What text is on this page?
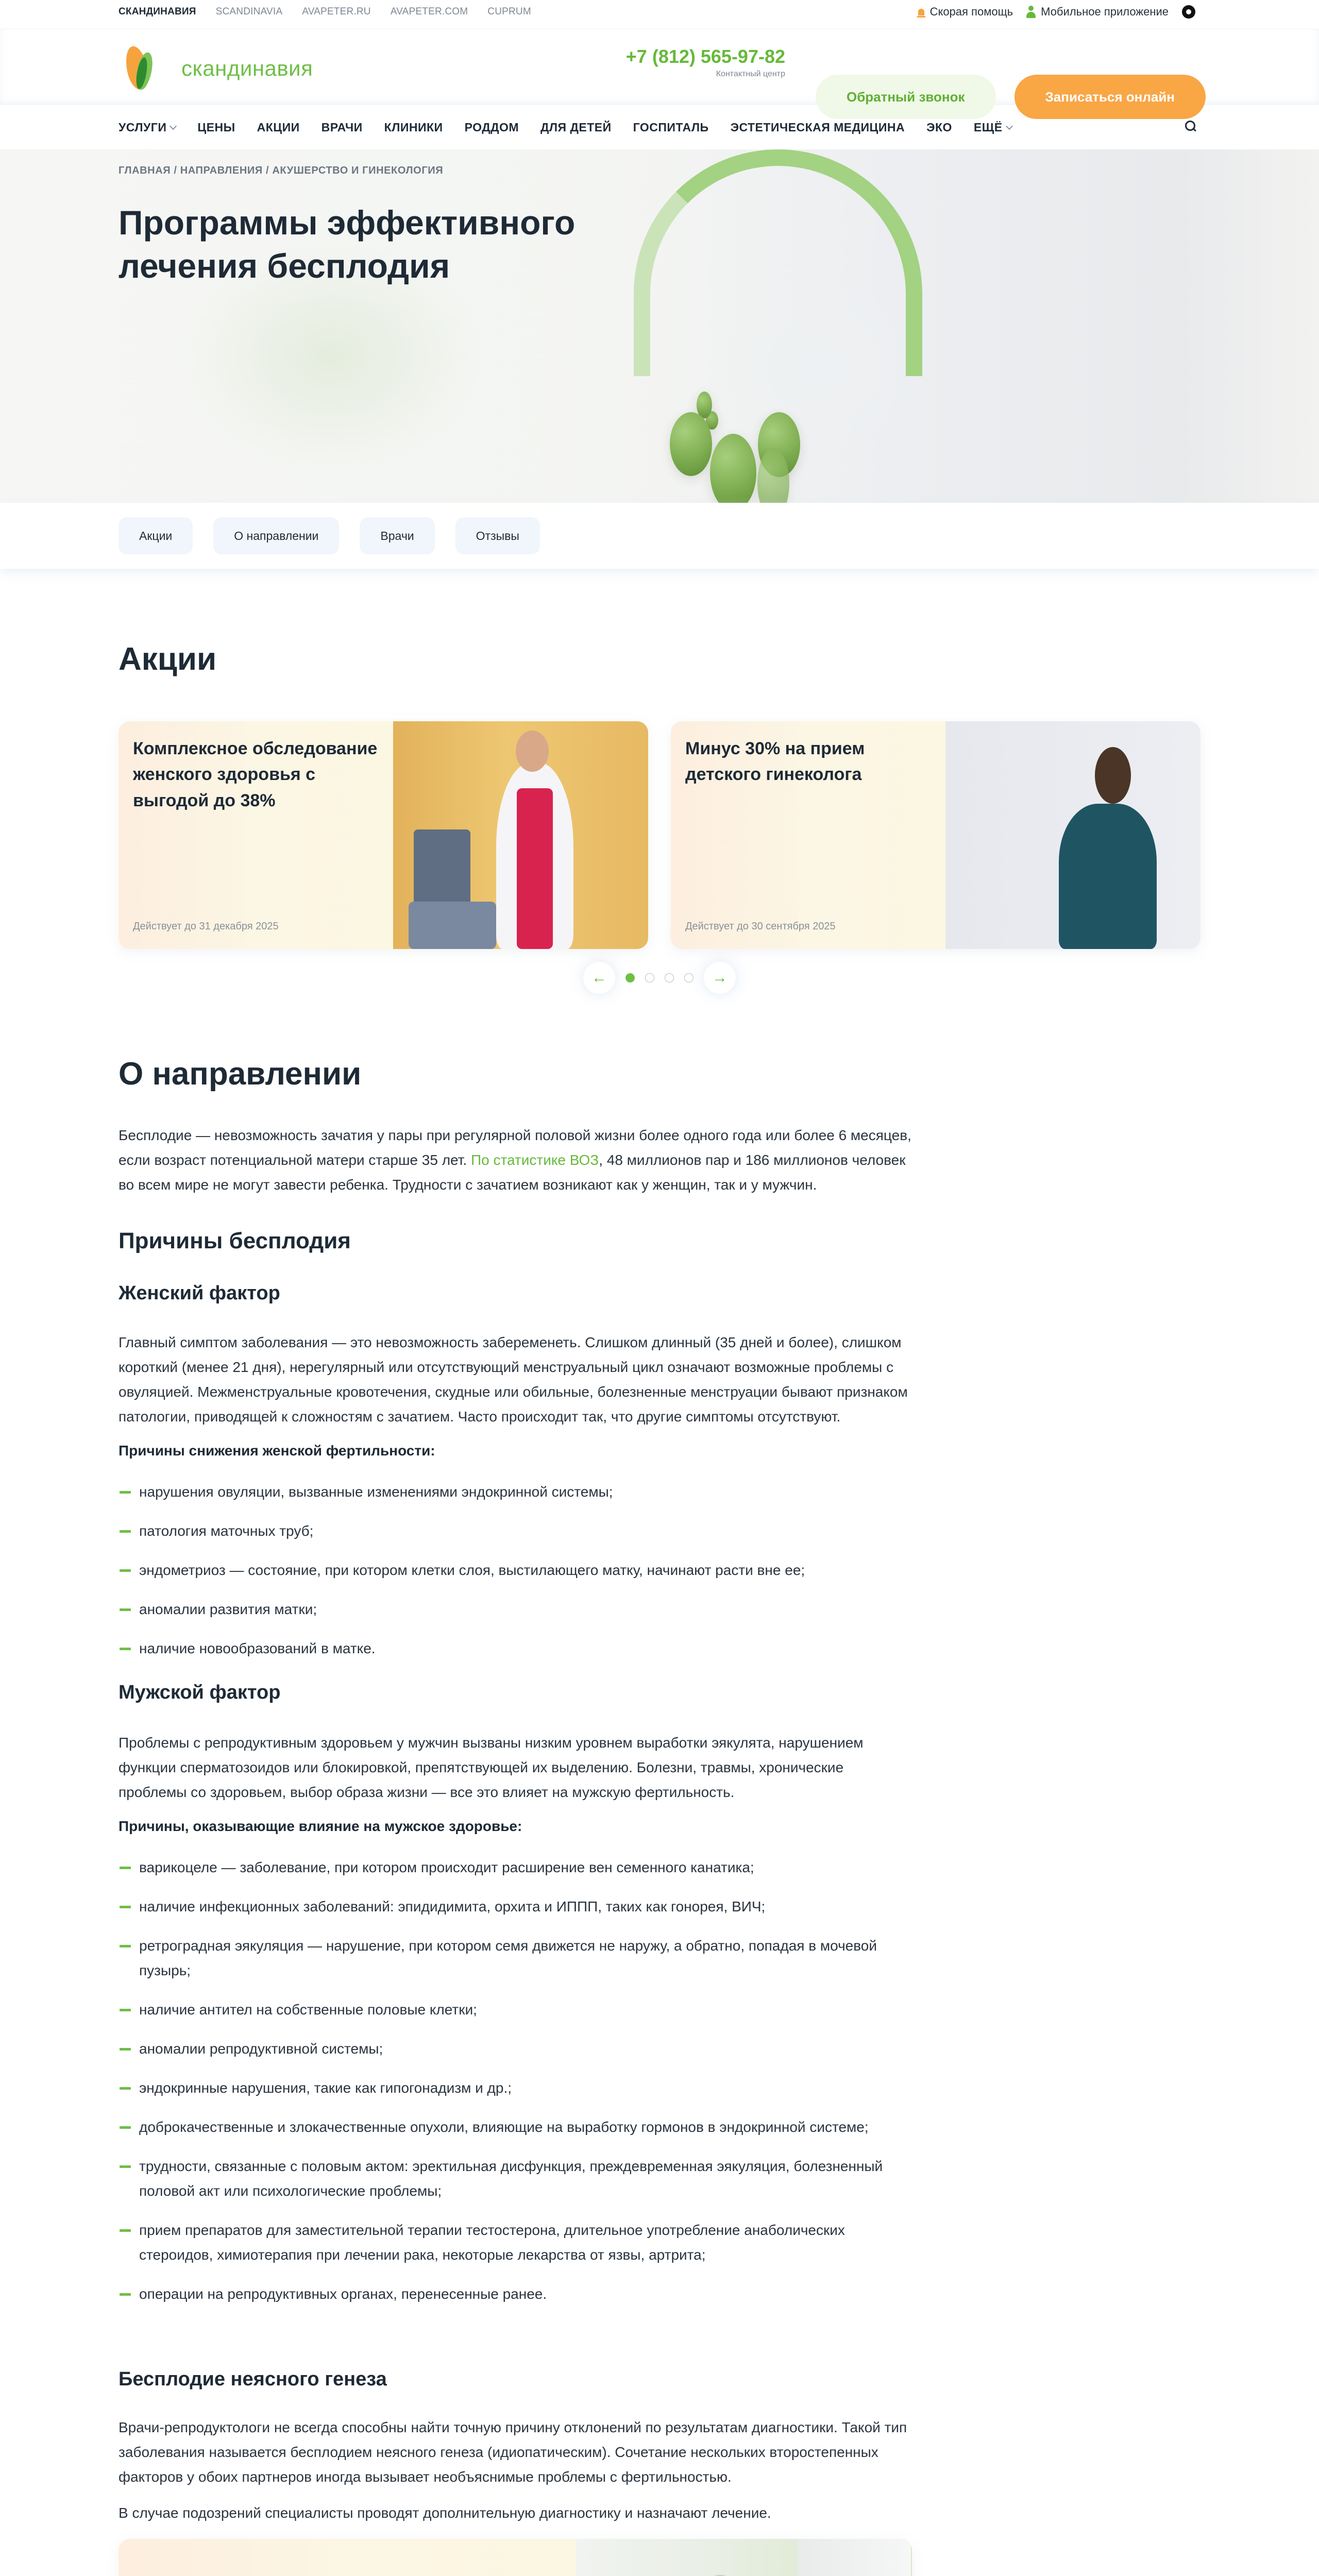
СКАНДИНАВИЯ SCANDINAVIA AVAPETER.RU AVAPETER.COM CUPRUM	Скорая помощь Мобильное приложение
скандинавия	+7 (812) 565-97-82
Контактный центр
Обратный звонок	Записаться онлайн
УСЛУГИ	ЦЕНЫ АКЦИИ ВРАЧИ КЛИНИКИ РОДДОМ ДЛЯ ДЕТЕЙ ГОСПИТАЛЬ ЭСТЕТИЧЕСКАЯ МЕДИЦИНА ЭКО ЕЩЁ
ГЛАВНАЯ / НАПРАВЛЕНИЯ / АКУШЕРСТВО И ГИНЕКОЛОГИЯ
Программы эффективного лечения бесплодия
Акции	О направлении	Врачи	Отзывы
Акции
Комплексное обследование женского здоровья с выгодой до 38%
Действует до 31 декабря 2025
Минус 30% на прием детского гинеколога
Действует до 30 сентября 2025
←	→
О направлении

Бесплодие — невозможность зачатия у пары при регулярной половой жизни более одного года или более 6 месяцев, если возраст потенциальной матери старше 35 лет. По статистике ВОЗ, 48 миллионов пар и 186 миллионов человек во всем мире не могут завести ребенка. Трудности с зачатием возникают как у женщин, так и у мужчин.

Причины бесплодия
Женский фактор

Главный симптом заболевания — это невозможность забеременеть. Слишком длинный (35 дней и более), слишком короткий (менее 21 дня), нерегулярный или отсутствующий менструальный цикл означают возможные проблемы с овуляцией. Межменструальные кровотечения, скудные или обильные, болезненные менструации бывают признаком патологии, приводящей к сложностям с зачатием. Часто происходит так, что другие симптомы отсутствуют.

Причины снижения женской фертильности:
нарушения овуляции, вызванные изменениями эндокринной системы;
патология маточных труб;
эндометриоз — состояние, при котором клетки слоя, выстилающего матку, начинают расти вне ее;
аномалии развития матки;
наличие новообразований в матке.
Мужской фактор

Проблемы с репродуктивным здоровьем у мужчин вызваны низким уровнем выработки эякулята, нарушением функции сперматозоидов или блокировкой, препятствующей их выделению. Болезни, травмы, хронические проблемы со здоровьем, выбор образа жизни — все это влияет на мужскую фертильность.

Причины, оказывающие влияние на мужское здоровье:
варикоцеле — заболевание, при котором происходит расширение вен семенного канатика;
наличие инфекционных заболеваний: эпидидимита, орхита и ИППП, таких как гонорея, ВИЧ;
ретроградная эякуляция — нарушение, при котором семя движется не наружу, а обратно, попадая в мочевой пузырь;
наличие антител на собственные половые клетки;
аномалии репродуктивной системы;
эндокринные нарушения, такие как гипогонадизм и др.;
доброкачественные и злокачественные опухоли, влияющие на выработку гормонов в эндокринной системе;
трудности, связанные с половым актом: эректильная дисфункция, преждевременная эякуляция, болезненный половой акт или психологические проблемы;
прием препаратов для заместительной терапии тестостерона, длительное употребление анаболических стероидов, химиотерапия при лечении рака, некоторые лекарства от язвы, артрита;
операции на репродуктивных органах, перенесенные ранее.
Бесплодие неясного генеза

Врачи-репродуктологи не всегда способны найти точную причину отклонений по результатам диагностики. Такой тип заболевания называется бесплодием неясного генеза (идиопатическим). Сочетание нескольких второстепенных факторов у обоих партнеров иногда вызывает необъяснимые проблемы с фертильностью.

В случае подозрений специалисты проводят дополнительную диагностику и назначают лечение.
